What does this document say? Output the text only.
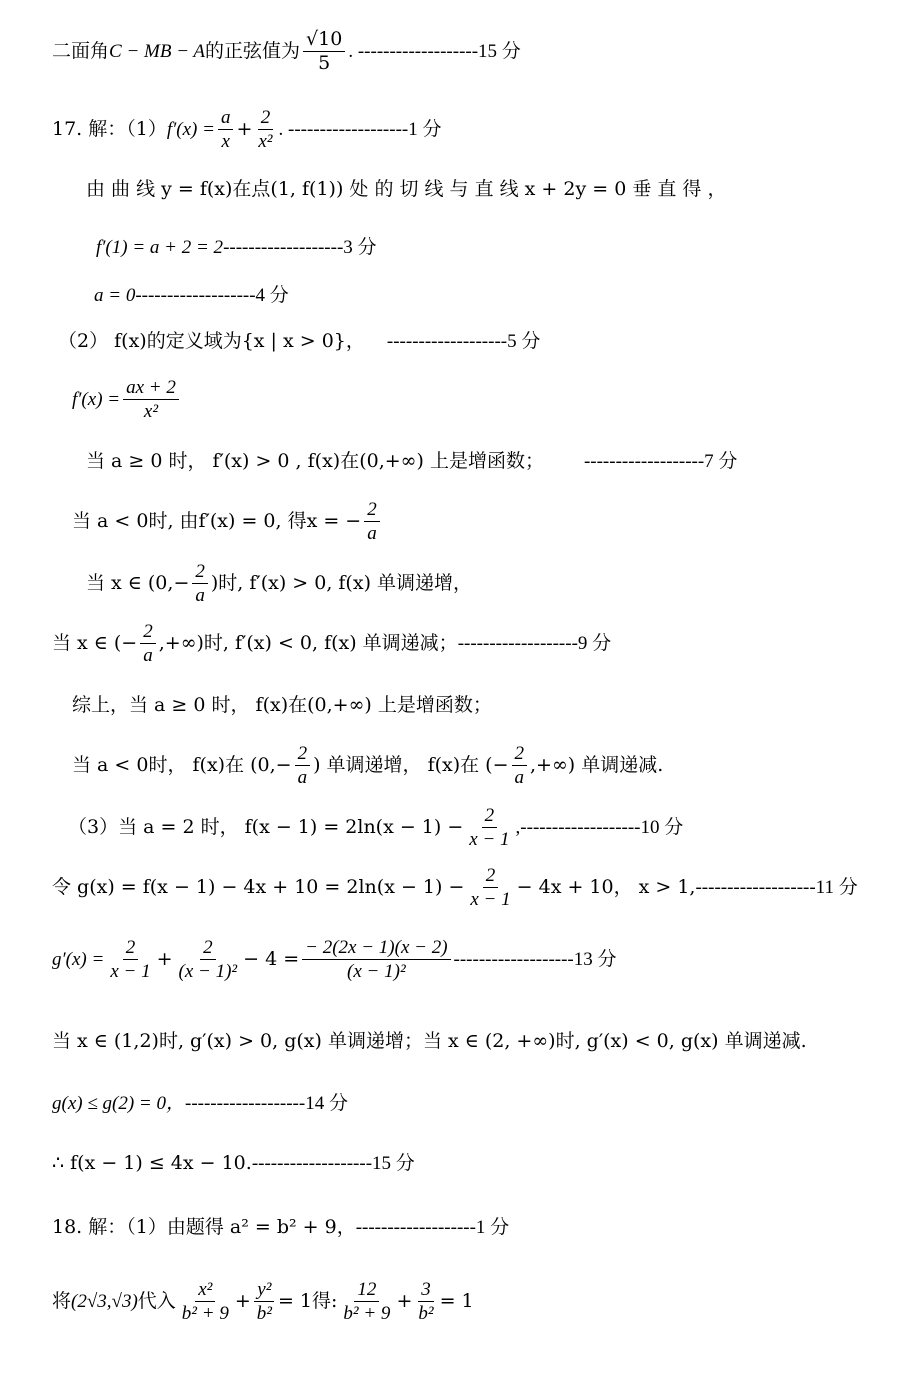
二面角 C − MB − A 的正弦值为 $\frac{√10}{5}$ . -------------------15 分
17. 解：（1） $f'(x) = \frac{a}{x} + \frac{2}{\text{x²}}$ . -------------------1 分
由 曲 线 y = f(x)在点(1, f(1)) 处 的 切 线 与 直 线 x + 2y = 0 垂 直 得 ，
f′(1) = a + 2 = 2 -------------------3 分
a = 0 -------------------4 分
（2） f(x)的定义域为{x | x > 0}， -------------------5 分
$f'(x) = \frac{ax + 2}{\text{x²}}$
当 a ≥ 0 时， f′(x) > 0 , f(x)在(0,+∞) 上是增函数； -------------------7 分
当 a < 0时, 由f′(x) = 0, 得x = − $\frac{2}{a}$
当 x ∈ ($0,- \frac{2}{a}$ )时, f′(x) > 0, f(x) 单调递增，
当 x ∈ (− $\frac{2}{a}$ ,+∞)时, f′(x) < 0, f(x) 单调递减； -------------------9 分
综上，当 a ≥ 0 时， f(x)在(0,+∞) 上是增函数；
当 a < 0时， f(x)在 ($0,- \frac{2}{a}$ ) 单调递增， f(x)在 (− $\frac{2}{a}$ ,+∞) 单调递减.
（3）当 a = 2 时， $f(x - 1) = 2\ln(x - 1) - \frac{2}{x - 1} ,-------------------10$ 分
令 $g(x) = f(x - 1) - 4x + 10 = 2\ln(x - 1) - \frac{2}{x - 1} - 4x + 10$， x > 1, -------------------11 分
$g'(x) = \frac{2}{x - 1} + \frac{2}{\text{(x − 1)²}} - 4 = \frac{- 2(2x - 1)(x - 2)}{\text{(x − 1)²}} -------------------13$ 分
当 x ∈ (1,2)时, g′(x) > 0, g(x) 单调递增；当 x ∈ (2, +∞)时, g′(x) < 0, g(x) 单调递减.
g(x) ≤ g(2) = 0， -------------------14 分
∴ f(x − 1) ≤ 4x − 10. -------------------15 分
18. 解：（1）由题得 a² = b² + 9， -------------------1 分
将 (2√3,√3) 代入 $\frac{\text{x²}}{\text{b² + 9}} + \frac{\text{y²}}{\text{b²}} = 1$得: $\frac{12}{\text{b² + 9}} + \frac{3}{\text{b²}} = 1$
